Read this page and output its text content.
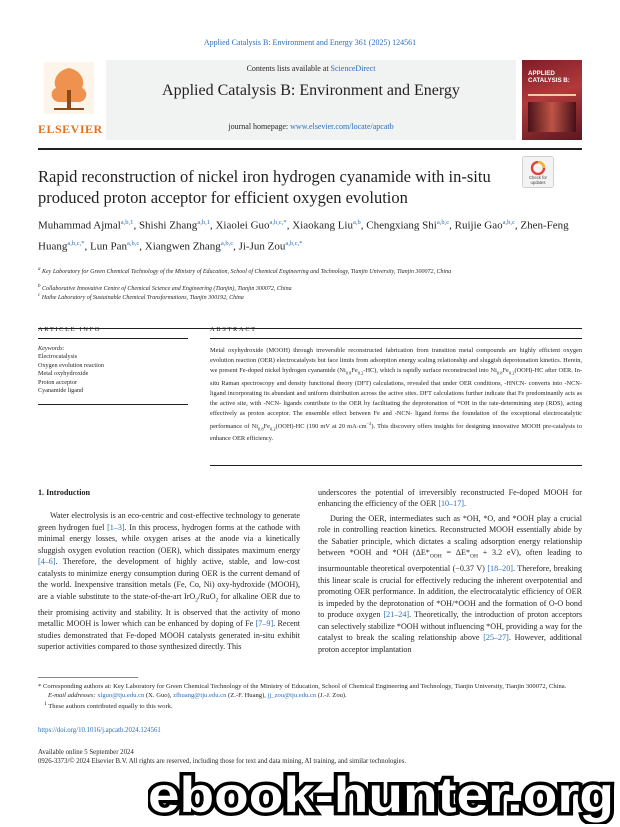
Applied Catalysis B: Environment and Energy 361 (2025) 124561
ELSEVIER
Contents lists available at ScienceDirect
Applied Catalysis B: Environment and Energy
journal homepage: www.elsevier.com/locate/apcatb
APPLIED CATALYSIS B:
Rapid reconstruction of nickel iron hydrogen cyanamide with in-situ produced proton acceptor for efficient oxygen evolution
Check for updates
Muhammad Ajmal$^{a,b,1}$, Shishi Zhang$^{a,b,1}$, Xiaolei Guo$^{a,b,c,*}$, Xiaokang Liu$^{a,b}$, Chengxiang Shi$^{a,b,c}$, Ruijie Gao$^{a,b,c}$, Zhen-Feng Huang$^{a,b,c,*}$, Lun Pan$^{a,b,c}$, Xiangwen Zhang$^{a,b,c}$, Ji-Jun Zou$^{a,b,c,*}$
$^a$ Key Laboratory for Green Chemical Technology of the Ministry of Education, School of Chemical Engineering and Technology, Tianjin University, Tianjin 300072, China
$^b$ Collaborative Innovative Centre of Chemical Science and Engineering (Tianjin), Tianjin 300072, China
$^c$ Haihe Laboratory of Sustainable Chemical Transformations, Tianjin 300192, China
ARTICLE INFO	ABSTRACT
Keywords:
Electrocatalysis
Oxygen evolution reaction
Metal oxyhydroxide
Proton acceptor
Cyanamide ligand
Metal oxyhydroxide (MOOH) through irreversible reconstructed fabrication from transition metal compounds are highly efficient oxygen evolution reaction (OER) electrocatalysts but face limits from adsorption energy scaling relationship and sluggish deprotonation kinetics. Herein, we present Fe-doped nickel hydrogen cyanamide $(Ni_{0.8}Fe_{0.2}-HC)$, which is rapidly surface reconstructed into $Ni_{0.8}Fe_{0.2}(OOH)-HC$ after OER. In-situ Raman spectroscopy and density functional theory (DFT) calculations, revealed that under OER conditions, -HNCN- converts into -NCN- ligand incorporating its abundant and uniform distribution across the active sites. DFT calculations further indicate that Fe predominantly acts as the active site, with -NCN- ligands contribute to the OER by facilitating the deprotonation of *OH in the rate-determining step (RDS), acting effectively as proton acceptor. The ensemble effect between Fe and -NCN- ligand forms the foundation of the exceptional electrocatalytic performance of $Ni_{0.8}Fe_{0.2}(OOH)-HC$ (190 mV at 20 $mA\cdot cm^{-2}$). This discovery offers insights for designing innovative MOOH pre-catalysts to enhance OER efficiency.
1. Introduction

Water electrolysis is an eco-centric and cost-effective technology to generate green hydrogen fuel [1–3]. In this process, hydrogen forms at the cathode with minimal energy losses, while oxygen arises at the anode via a kinetically sluggish oxygen evolution reaction (OER), which dissipates maximum energy [4–6]. Therefore, the development of highly active, stable, and low-cost catalysts to minimize energy consumption during OER is the current demand of the world. Inexpensive transition metals (Fe, Co, Ni) oxy-hydroxide (MOOH), are a viable substitute to the state-of-the-art IrO$_2$/RuO$_2$ for alkaline OER due to their promising activity and stability. It is observed that the activity of mono metallic MOOH is lower which can be enhanced by doping of Fe [7–9]. Recent studies demonstrated that Fe-doped MOOH catalysts generated in-situ exhibit superior activities compared to those synthesized directly. This

underscores the potential of irreversibly reconstructed Fe-doped MOOH for enhancing the efficiency of the OER [10–17].

During the OER, intermediates such as *OH, *O, and *OOH play a crucial role in controlling reaction kinetics. Reconstructed MOOH essentially abide by the Sabatier principle, which dictates a scaling adsorption energy relationship between *OOH and *OH ($\Delta E*_{OOH} = \Delta E*_{OH} + 3.2$ eV), often leading to insurmountable theoretical overpotential (−0.37 V) [18–20]. Therefore, breaking this linear scale is crucial for effectively reducing the inherent overpotential and promoting OER performance. In addition, the electrocatalytic efficiency of OER is impeded by the deprotonation of *OH/*OOH and the formation of O-O bond to produce oxygen [21–24]. Theoretically, the introduction of proton acceptors can selectively stabilize *OOH without influencing *OH, providing a way for the catalyst to break the scaling relationship above [25–27]. However, additional proton acceptor implantation

* Corresponding authors at: Key Laboratory for Green Chemical Technology of the Ministry of Education, School of Chemical Engineering and Technology, Tianjin University, Tianjin 300072, China.

E-mail addresses: xlguo@tju.edu.cn (X. Guo), zfhuang@tju.edu.cn (Z.-F. Huang), jj_zou@tju.edu.cn (J.-J. Zou).

$^1$ These authors contributed equally to this work.

https://doi.org/10.1016/j.apcatb.2024.124561
Available online 5 September 2024
0926-3373/© 2024 Elsevier B.V. All rights are reserved, including those for text and data mining, AI training, and similar technologies.
ebook-hunter.org
